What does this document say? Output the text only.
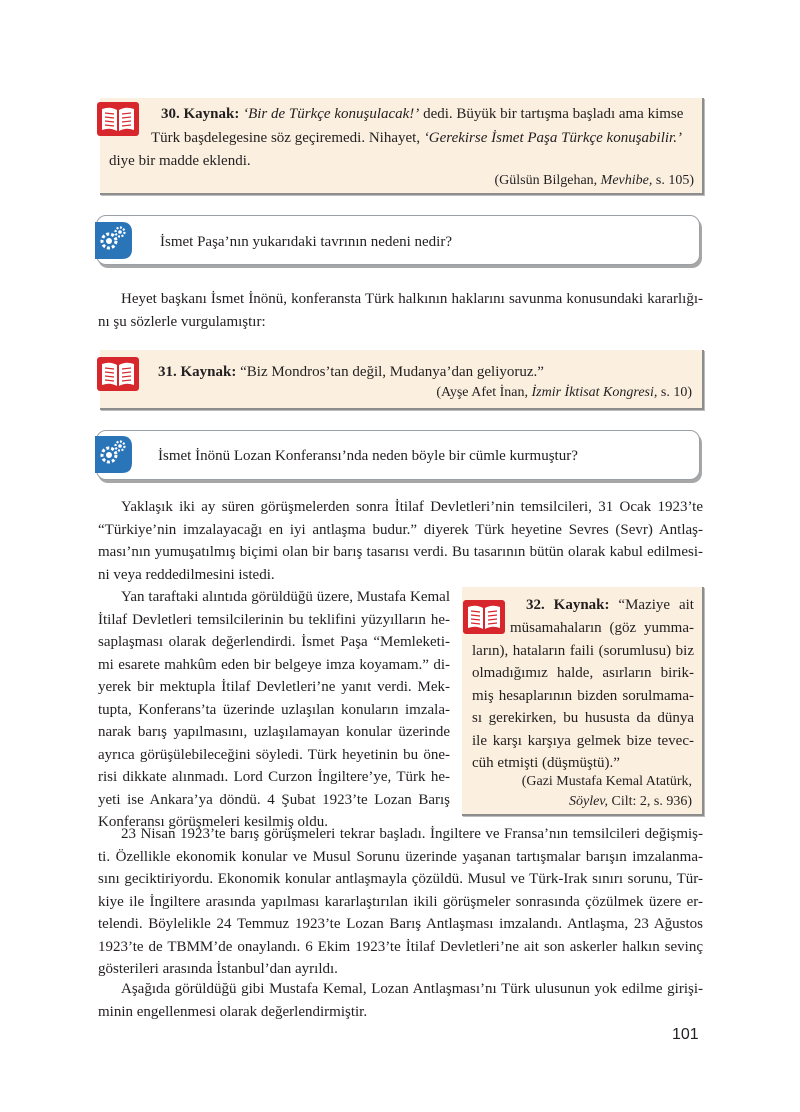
30. Kaynak: ‘Bir de Türkçe konuşulacak!’ dedi. Büyük bir tartışma başladı ama kimse
Türk başdelegesine söz geçiremedi. Nihayet, ‘Gerekirse İsmet Paşa Türkçe konuşabilir.’
diye bir madde eklendi.
(Gülsün Bilgehan, Mevhibe, s. 105)
İsmet Paşa’nın yukarıdaki tavrının nedeni nedir?
Heyet başkanı İsmet İnönü, konferansta Türk halkının haklarını savunma konusundaki kararlığı-
nı şu sözlerle vurgulamıştır:
31. Kaynak: “Biz Mondros’tan değil, Mudanya’dan geliyoruz.”
(Ayşe Afet İnan, İzmir İktisat Kongresi, s. 10)
İsmet İnönü Lozan Konferansı’nda neden böyle bir cümle kurmuştur?
Yaklaşık iki ay süren görüşmelerden sonra İtilaf Devletleri’nin temsilcileri, 31 Ocak 1923’te
“Türkiye’nin imzalayacağı en iyi antlaşma budur.” diyerek Türk heyetine Sevres (Sevr) Antlaş-
ması’nın yumuşatılmış biçimi olan bir barış tasarısı verdi. Bu tasarının bütün olarak kabul edilmesi-
ni veya reddedilmesini istedi.
Yan taraftaki alıntıda görüldüğü üzere, Mustafa Kemal
İtilaf Devletleri temsilcilerinin bu teklifini yüzyılların he-
saplaşması olarak değerlendirdi. İsmet Paşa “Memleketi-
mi esarete mahkûm eden bir belgeye imza koyamam.” di-
yerek bir mektupla İtilaf Devletleri’ne yanıt verdi. Mek-
tupta, Konferans’ta üzerinde uzlaşılan konuların imzala-
narak barış yapılmasını, uzlaşılamayan konular üzerinde
ayrıca görüşülebileceğini söyledi. Türk heyetinin bu öne-
risi dikkate alınmadı. Lord Curzon İngiltere’ye, Türk he-
yeti ise Ankara’ya döndü. 4 Şubat 1923’te Lozan Barış
Konferansı görüşmeleri kesilmiş oldu.
32. Kaynak: “Maziye ait
müsamahaların (göz yumma-
ların), hataların faili (sorumlusu) biz
olmadığımız halde, asırların birik-
miş hesaplarının bizden sorulmama-
sı gerekirken, bu hususta da dünya
ile karşı karşıya gelmek bize tevec-
cüh etmişti (düşmüştü).”
(Gazi Mustafa Kemal Atatürk,
Söylev, Cilt: 2, s. 936)
23 Nisan 1923’te barış görüşmeleri tekrar başladı. İngiltere ve Fransa’nın temsilcileri değişmiş-
ti. Özellikle ekonomik konular ve Musul Sorunu üzerinde yaşanan tartışmalar barışın imzalanma-
sını geciktiriyordu. Ekonomik konular antlaşmayla çözüldü. Musul ve Türk-Irak sınırı sorunu, Tür-
kiye ile İngiltere arasında yapılması kararlaştırılan ikili görüşmeler sonrasında çözülmek üzere er-
telendi. Böylelikle 24 Temmuz 1923’te Lozan Barış Antlaşması imzalandı. Antlaşma, 23 Ağustos
1923’te de TBMM’de onaylandı. 6 Ekim 1923’te İtilaf Devletleri’ne ait son askerler halkın sevinç
gösterileri arasında İstanbul’dan ayrıldı.
Aşağıda görüldüğü gibi Mustafa Kemal, Lozan Antlaşması’nı Türk ulusunun yok edilme girişi-
minin engellenmesi olarak değerlendirmiştir.
101
